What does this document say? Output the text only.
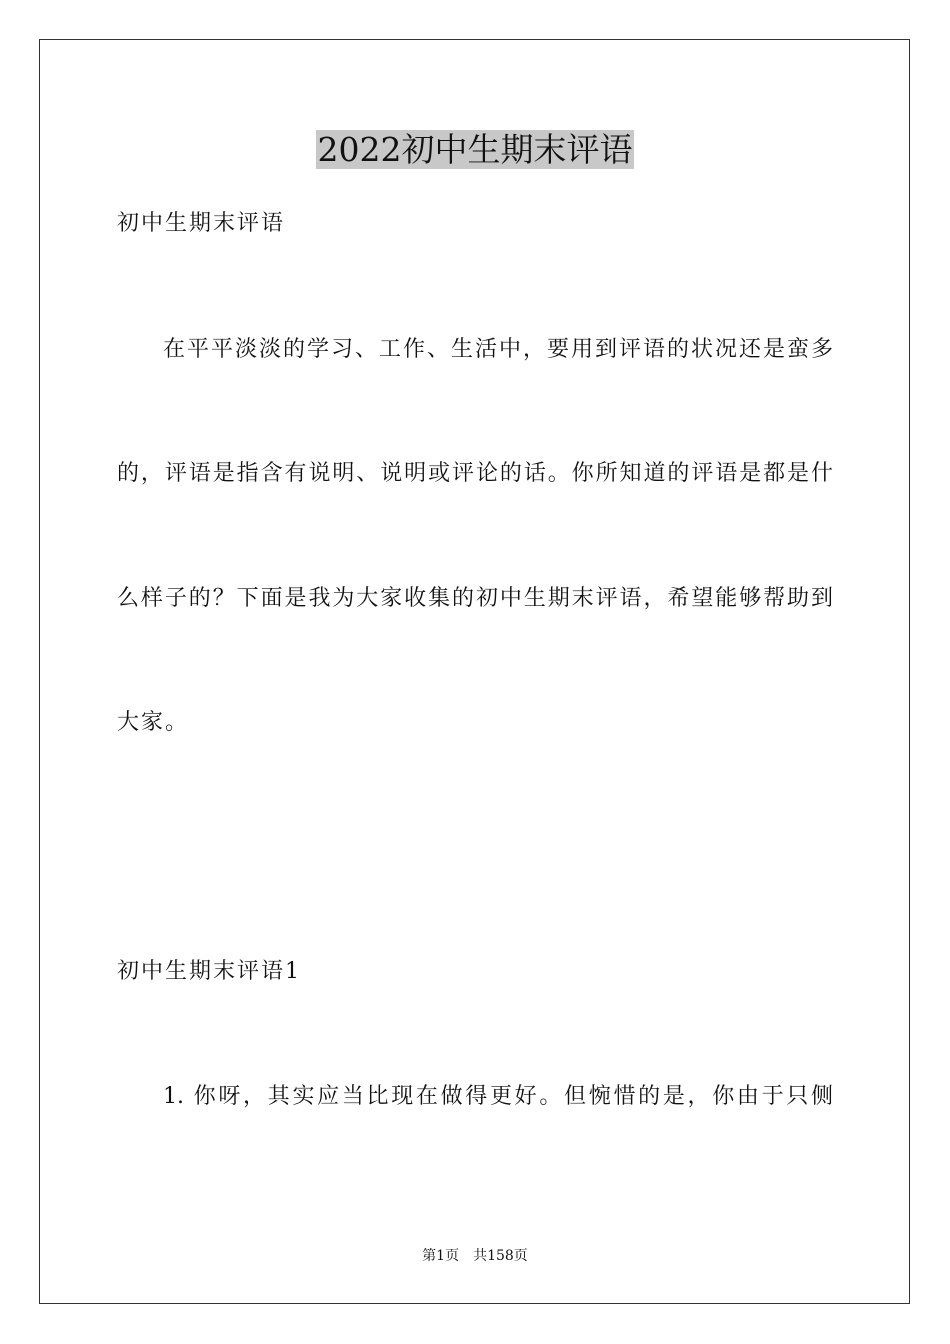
2022初中生期末评语
初中生期末评语
在平平淡淡的学习、工作、生活中，要用到评语的状况还是蛮多
的，评语是指含有说明、说明或评论的话。你所知道的评语是都是什
么样子的？下面是我为大家收集的初中生期末评语，希望能够帮助到
大家。
初中生期末评语1
1. 你呀，其实应当比现在做得更好。但惋惜的是，你由于只侧
第1页　共158页
